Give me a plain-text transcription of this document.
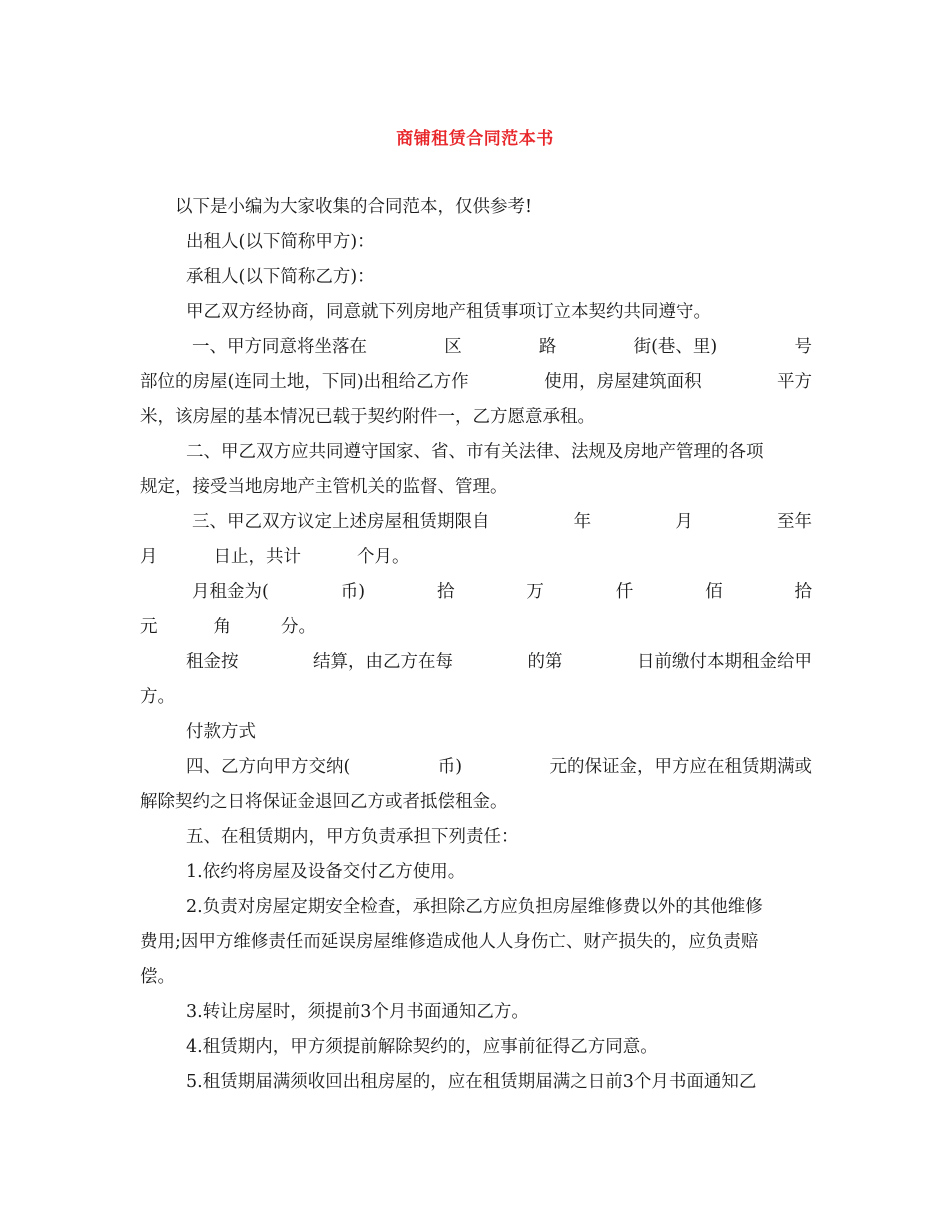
商铺租赁合同范本书
以下是小编为大家收集的合同范本，仅供参考!
出租人(以下简称甲方)：
承租人(以下简称乙方)：
甲乙双方经协商，同意就下列房地产租赁事项订立本契约共同遵守。
一、甲方同意将坐落在	区	路	街(巷、里)	号
部位的房屋(连同土地，下同)出租给乙方作	使用，房屋建筑面积	平方
米，该房屋的基本情况已载于契约附件一，乙方愿意承租。
二、甲乙双方应共同遵守国家、省、市有关法律、法规及房地产管理的各项
规定，接受当地房地产主管机关的监督、管理。
三、甲乙双方议定上述房屋租赁期限自	年	月	至年
月	日止，共计	个月。
月租金为(	币)	拾	万	仟	佰	拾
元	角	分。
租金按	结算，由乙方在每	的第	日前缴付本期租金给甲
方。
付款方式
四、乙方向甲方交纳(	币)	元的保证金，甲方应在租赁期满或
解除契约之日将保证金退回乙方或者抵偿租金。
五、在租赁期内，甲方负责承担下列责任：
1.依约将房屋及设备交付乙方使用。
2.负责对房屋定期安全检查，承担除乙方应负担房屋维修费以外的其他维修
费用;因甲方维修责任而延误房屋维修造成他人人身伤亡、财产损失的，应负责赔
偿。
3.转让房屋时，须提前3个月书面通知乙方。
4.租赁期内，甲方须提前解除契约的，应事前征得乙方同意。
5.租赁期届满须收回出租房屋的，应在租赁期届满之日前3个月书面通知乙
